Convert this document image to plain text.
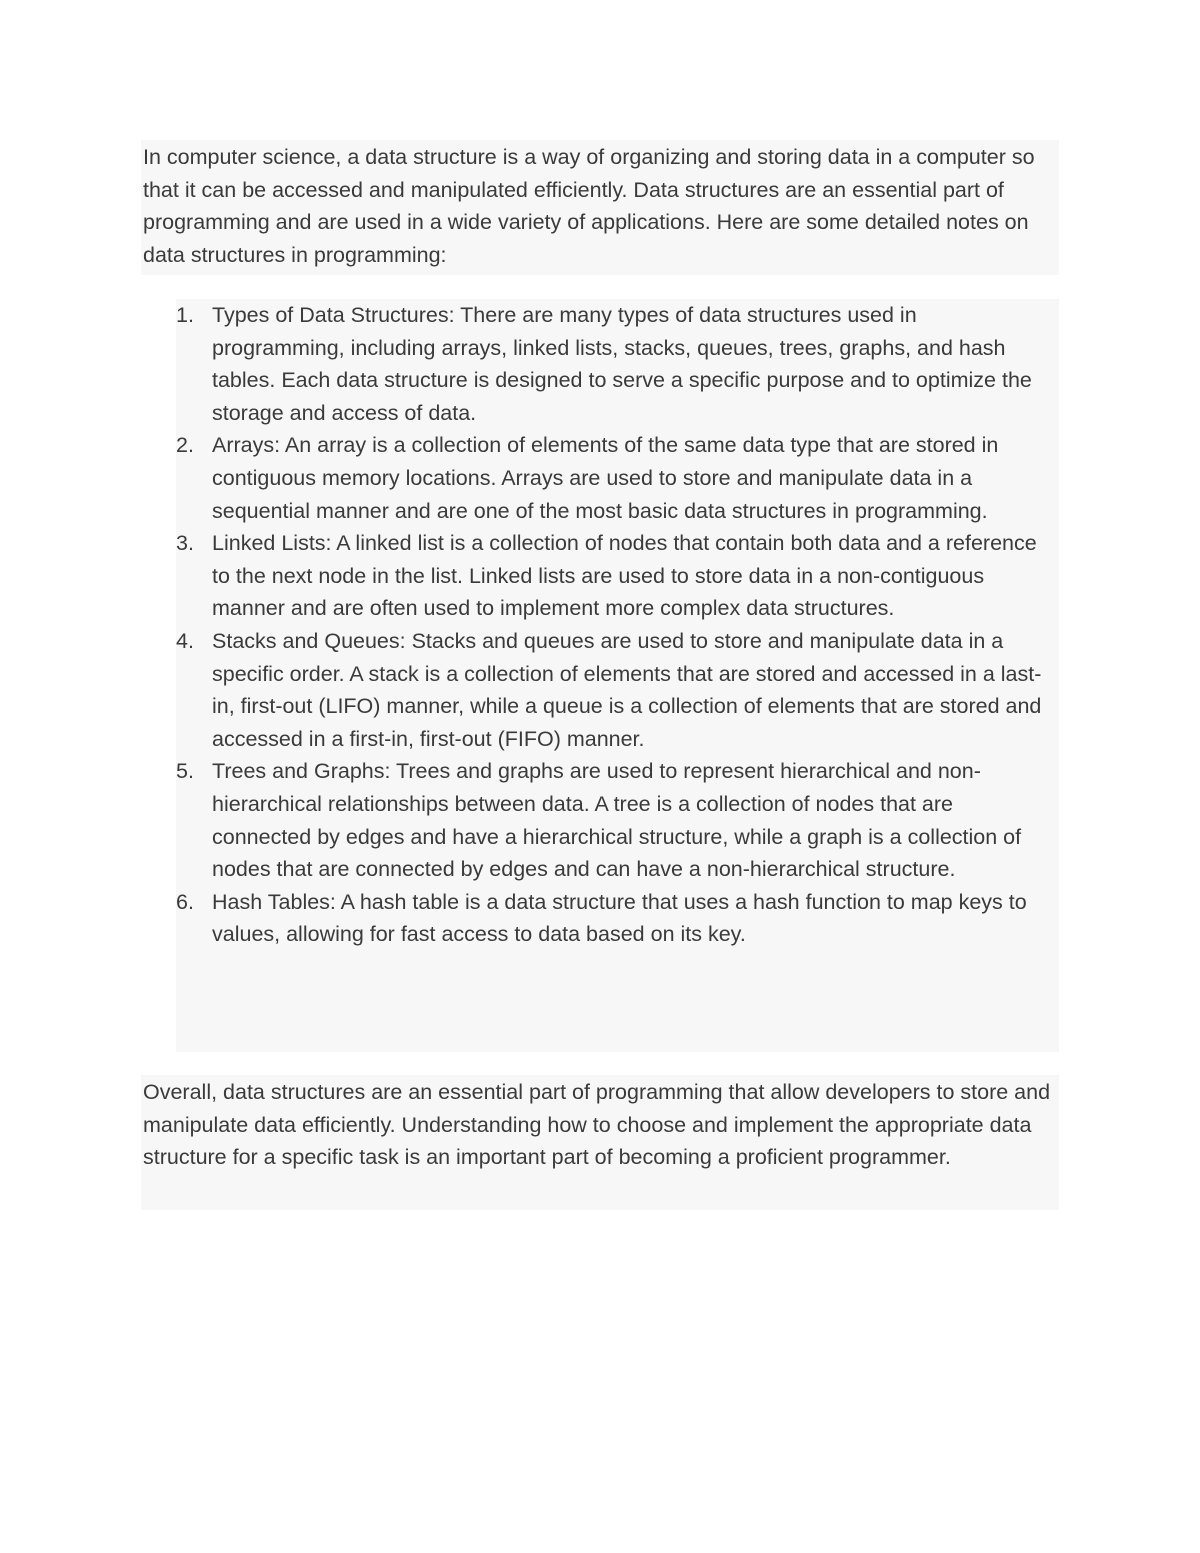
In computer science, a data structure is a way of organizing and storing data in a computer so that it can be accessed and manipulated efficiently. Data structures are an essential part of programming and are used in a wide variety of applications. Here are some detailed notes on data structures in programming:

1. Types of Data Structures: There are many types of data structures used in programming, including arrays, linked lists, stacks, queues, trees, graphs, and hash tables. Each data structure is designed to serve a specific purpose and to optimize the storage and access of data.
2. Arrays: An array is a collection of elements of the same data type that are stored in contiguous memory locations. Arrays are used to store and manipulate data in a sequential manner and are one of the most basic data structures in programming.
3. Linked Lists: A linked list is a collection of nodes that contain both data and a reference to the next node in the list. Linked lists are used to store data in a non-contiguous manner and are often used to implement more complex data structures.
4. Stacks and Queues: Stacks and queues are used to store and manipulate data in a specific order. A stack is a collection of elements that are stored and accessed in a last-in, first-out (LIFO) manner, while a queue is a collection of elements that are stored and accessed in a first-in, first-out (FIFO) manner.
5. Trees and Graphs: Trees and graphs are used to represent hierarchical and non-hierarchical relationships between data. A tree is a collection of nodes that are connected by edges and have a hierarchical structure, while a graph is a collection of nodes that are connected by edges and can have a non-hierarchical structure.
6. Hash Tables: A hash table is a data structure that uses a hash function to map keys to values, allowing for fast access to data based on its key.

Overall, data structures are an essential part of programming that allow developers to store and manipulate data efficiently. Understanding how to choose and implement the appropriate data structure for a specific task is an important part of becoming a proficient programmer.
